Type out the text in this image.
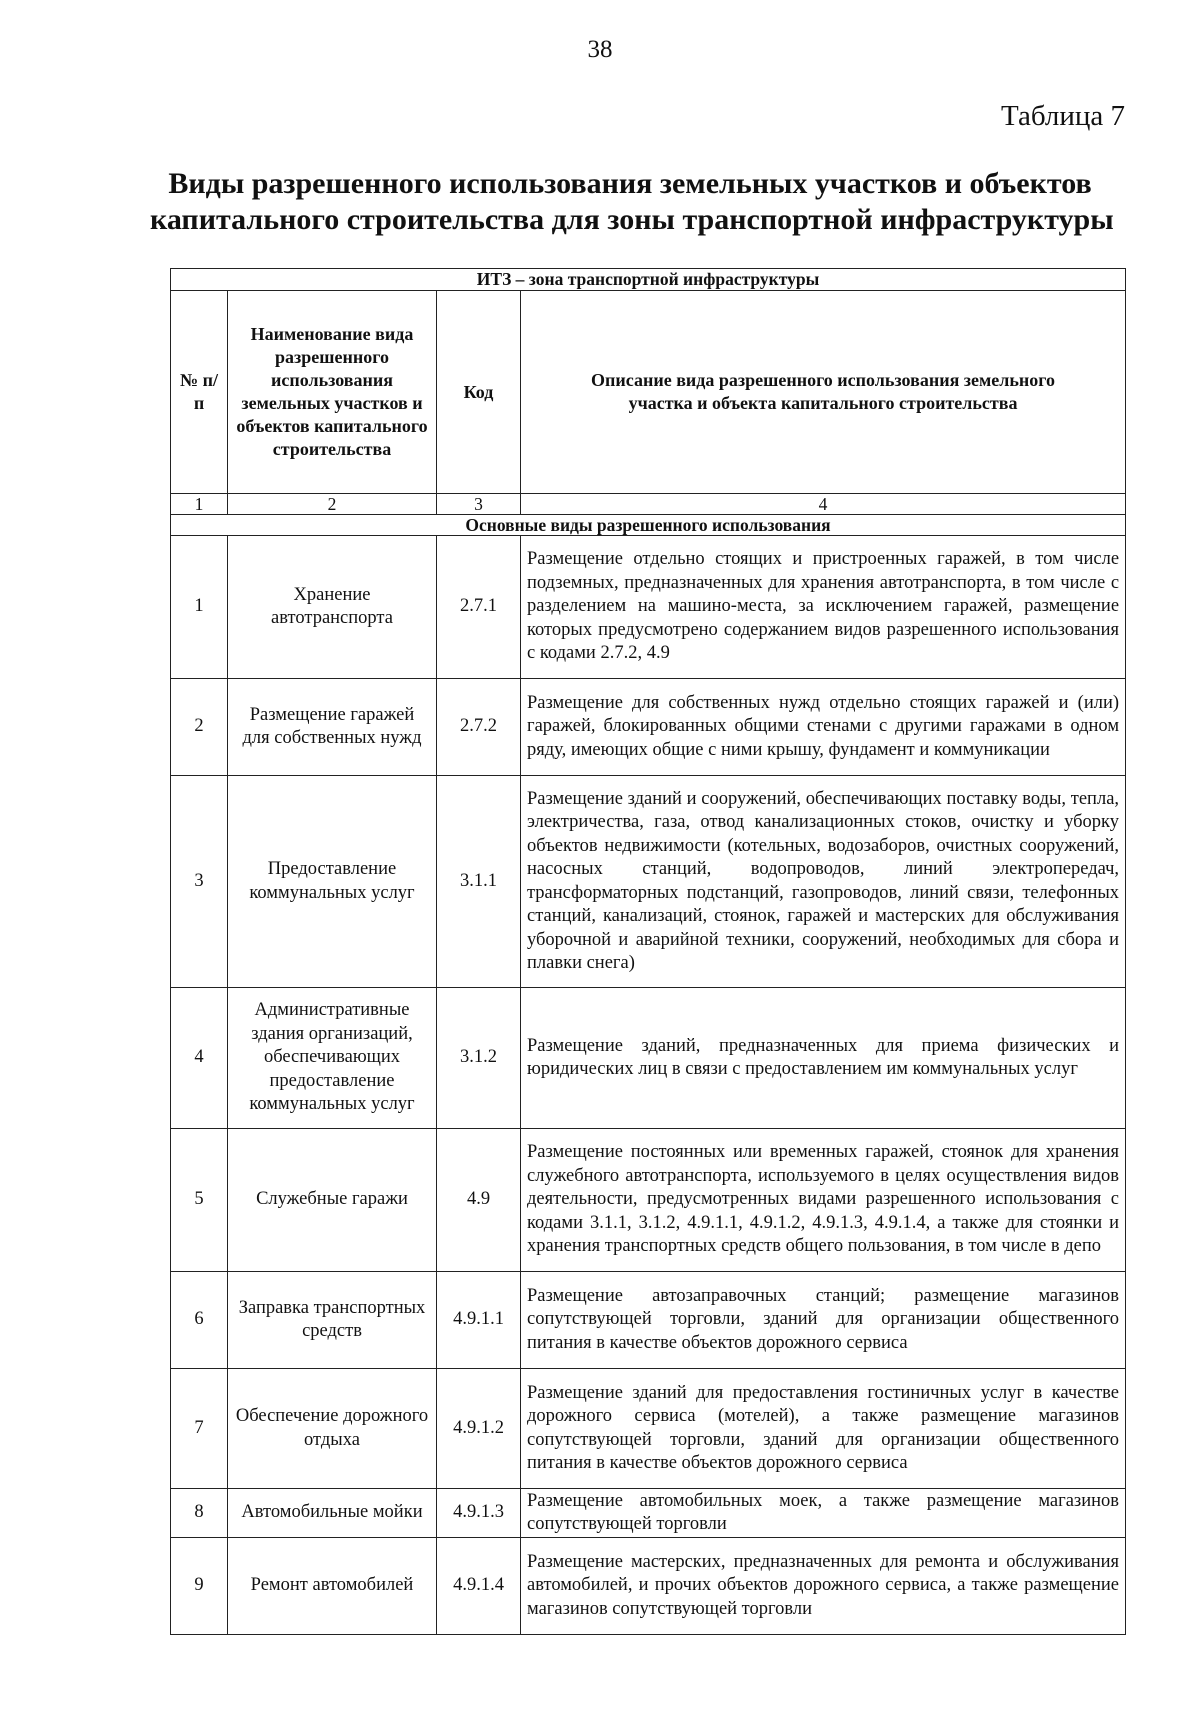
38
Таблица 7
Виды разрешенного использования земельных участков и объектов
капитального строительства для зоны транспортной инфраструктуры
ИТЗ – зона транспортной инфраструктуры			
№ п/п	Наименование вида разрешенного использования земельных участков и объектов капитального строительства	Код	Описание вида разрешенного использования земельного участка и объекта капитального строительства
1	2	3	4
Основные виды разрешенного использования			
1	Хранение автотранспорта	2.7.1	Размещение отдельно стоящих и пристроенных гаражей, в том числе подземных, предназначенных для хранения автотранспорта, в том числе с разделением на машино-места, за исключением гаражей, размещение которых предусмотрено содержанием видов разрешенного использования с кодами 2.7.2, 4.9
2	Размещение гаражей для собственных нужд	2.7.2	Размещение для собственных нужд отдельно стоящих гаражей и (или) гаражей, блокированных общими стенами с другими гаражами в одном ряду, имеющих общие с ними крышу, фундамент и коммуникации
3	Предоставление коммунальных услуг	3.1.1	Размещение зданий и сооружений, обеспечивающих поставку воды, тепла, электричества, газа, отвод канализационных стоков, очистку и уборку объектов недвижимости (котельных, водозаборов, очистных сооружений, насосных станций, водопроводов, линий электропередач, трансформаторных подстанций, газопроводов, линий связи, телефонных станций, канализаций, стоянок, гаражей и мастерских для обслуживания уборочной и аварийной техники, сооружений, необходимых для сбора и плавки снега)
4	Административные здания организаций, обеспечивающих предоставление коммунальных услуг	3.1.2	Размещение зданий, предназначенных для приема физических и юридических лиц в связи с предоставлением им коммунальных услуг
5	Служебные гаражи	4.9	Размещение постоянных или временных гаражей, стоянок для хранения служебного автотранспорта, используемого в целях осуществления видов деятельности, предусмотренных видами разрешенного использования с кодами 3.1.1, 3.1.2, 4.9.1.1, 4.9.1.2, 4.9.1.3, 4.9.1.4, а также для стоянки и хранения транспортных средств общего пользования, в том числе в депо
6	Заправка транспортных средств	4.9.1.1	Размещение автозаправочных станций; размещение магазинов сопутствующей торговли, зданий для организации общественного питания в качестве объектов дорожного сервиса
7	Обеспечение дорожного отдыха	4.9.1.2	Размещение зданий для предоставления гостиничных услуг в качестве дорожного сервиса (мотелей), а также размещение магазинов сопутствующей торговли, зданий для организации общественного питания в качестве объектов дорожного сервиса
8	Автомобильные мойки	4.9.1.3	Размещение автомобильных моек, а также размещение магазинов сопутствующей торговли
9	Ремонт автомобилей	4.9.1.4	Размещение мастерских, предназначенных для ремонта и обслуживания автомобилей, и прочих объектов дорожного сервиса, а также размещение магазинов сопутствующей торговли
